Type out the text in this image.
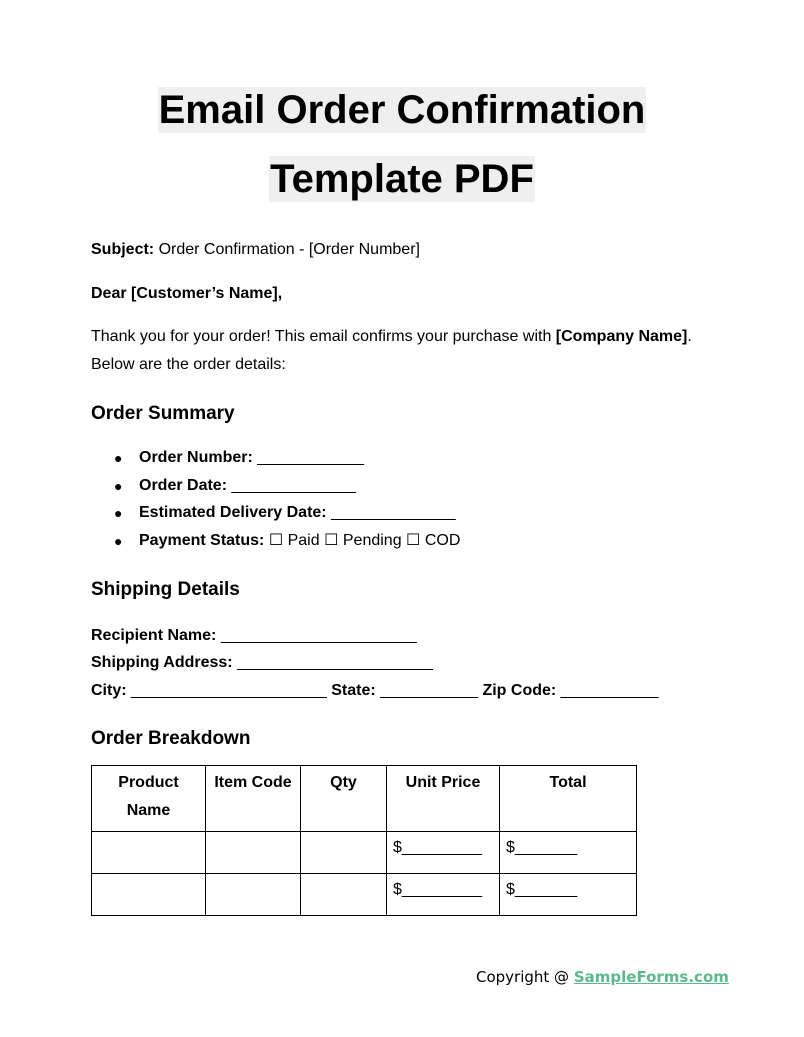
Email Order Confirmation
Template PDF
Subject: Order Confirmation - [Order Number]
Dear [Customer’s Name],
Thank you for your order! This email confirms your purchase with [Company Name].
Below are the order details:
Order Summary
● Order Number: ____________
● Order Date: ______________
● Estimated Delivery Date: ______________
● Payment Status: ☐ Paid ☐ Pending ☐ COD
Shipping Details
Recipient Name: ______________________
Shipping Address: ______________________
City: ______________________ State: ___________ Zip Code: ___________
Order Breakdown
Product Name	Item Code	Qty	Unit Price	Total
			$_________	$_______
			$_________	$_______
Copyright @ SampleForms.com
